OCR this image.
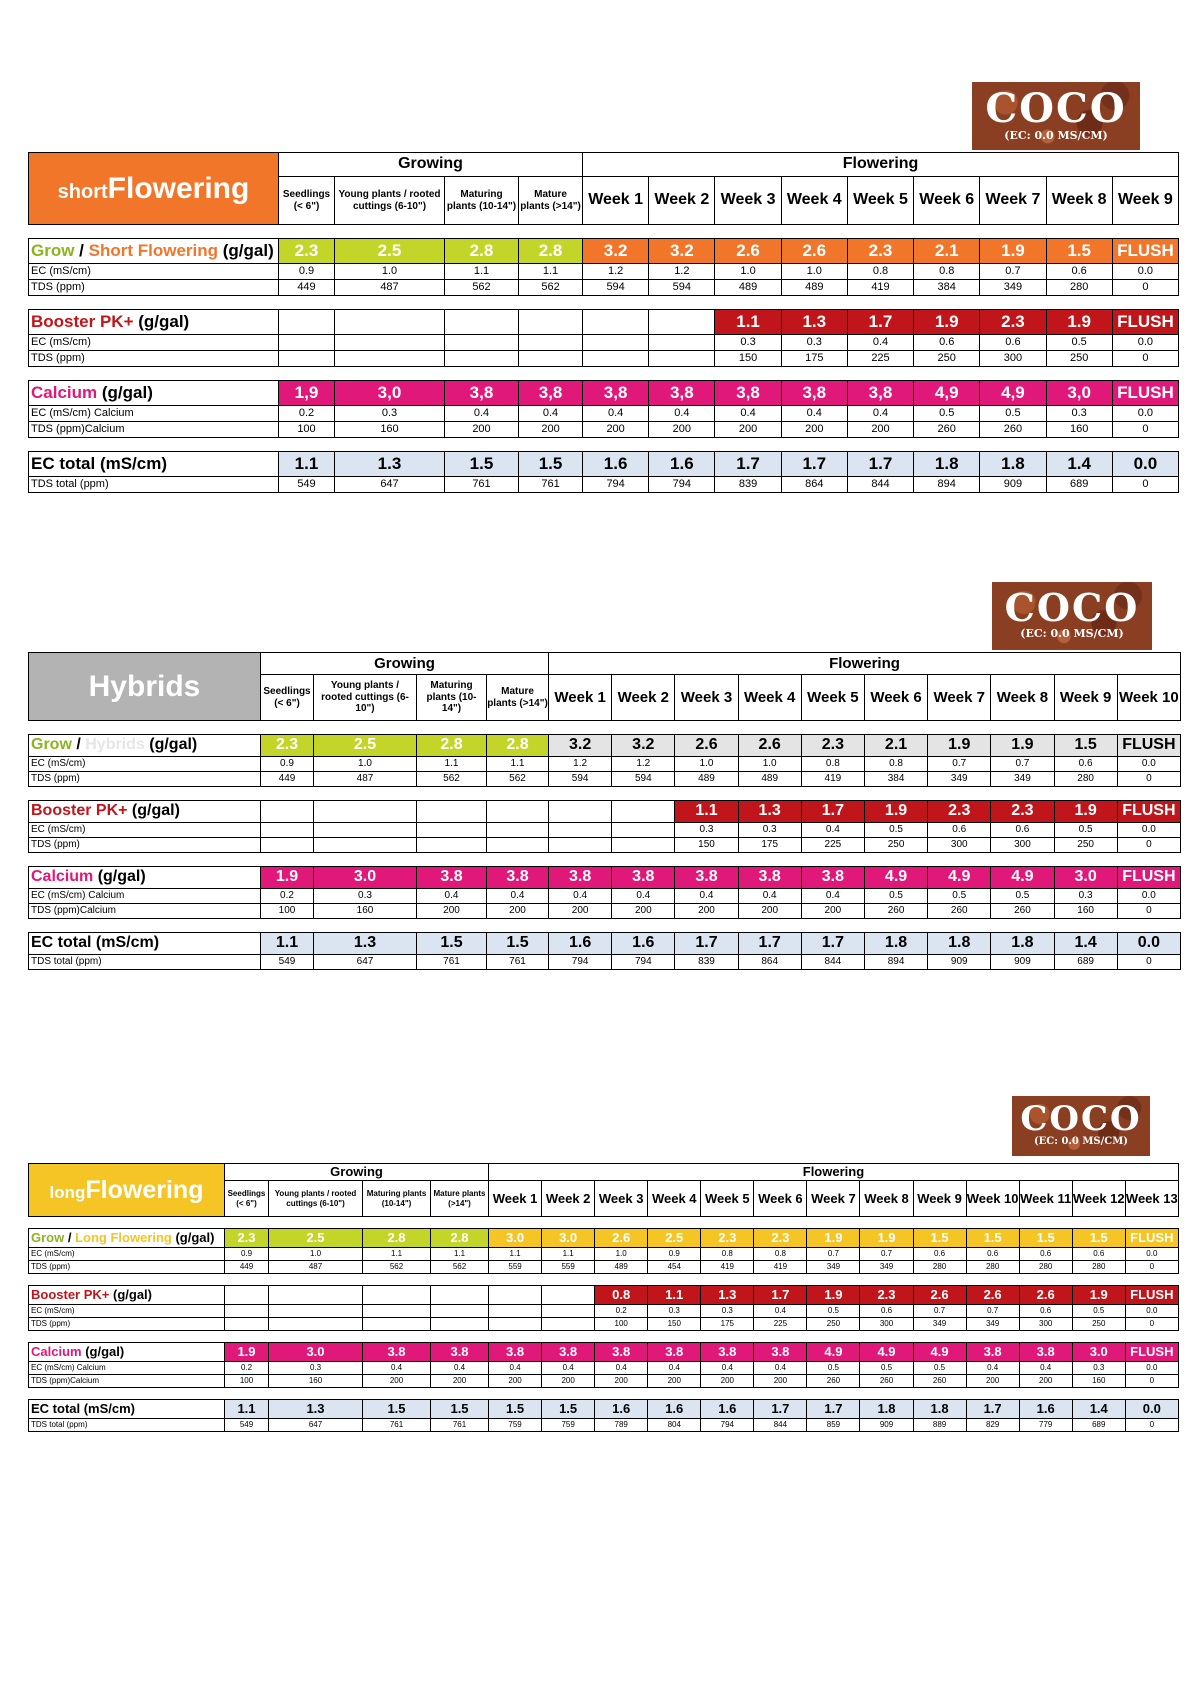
COCO
(EC: 0.0 MS/CM)
shortFlowering	Growing				Flowering								
	Seedlings (< 6")	Young plants / rooted cuttings (6-10")	Maturing plants (10-14")	Mature plants (>14")	Week 1	Week 2	Week 3	Week 4	Week 5	Week 6	Week 7	Week 8	Week 9

Grow / Short Flowering (g/gal)	2.3	2.5	2.8	2.8	3.2	3.2	2.6	2.6	2.3	2.1	1.9	1.5	FLUSH
EC (mS/cm)	0.9	1.0	1.1	1.1	1.2	1.2	1.0	1.0	0.8	0.8	0.7	0.6	0.0
TDS (ppm)	449	487	562	562	594	594	489	489	419	384	349	280	0

Booster PK+ (g/gal)							1.1	1.3	1.7	1.9	2.3	1.9	FLUSH
EC (mS/cm)							0.3	0.3	0.4	0.6	0.6	0.5	0.0
TDS (ppm)							150	175	225	250	300	250	0

Calcium (g/gal)	1,9	3,0	3,8	3,8	3,8	3,8	3,8	3,8	3,8	4,9	4,9	3,0	FLUSH
EC (mS/cm) Calcium	0.2	0.3	0.4	0.4	0.4	0.4	0.4	0.4	0.4	0.5	0.5	0.3	0.0
TDS (ppm)Calcium	100	160	200	200	200	200	200	200	200	260	260	160	0

EC total (mS/cm)	1.1	1.3	1.5	1.5	1.6	1.6	1.7	1.7	1.7	1.8	1.8	1.4	0.0
TDS total (ppm)	549	647	761	761	794	794	839	864	844	894	909	689	0
COCO
(EC: 0.0 MS/CM)
Hybrids	Growing				Flowering									
	Seedlings (< 6")	Young plants / rooted cuttings (6-10")	Maturing plants (10-14")	Mature plants (>14")	Week 1	Week 2	Week 3	Week 4	Week 5	Week 6	Week 7	Week 8	Week 9	Week 10

Grow / Hybrids (g/gal)	2.3	2.5	2.8	2.8	3.2	3.2	2.6	2.6	2.3	2.1	1.9	1.9	1.5	FLUSH
EC (mS/cm)	0.9	1.0	1.1	1.1	1.2	1.2	1.0	1.0	0.8	0.8	0.7	0.7	0.6	0.0
TDS (ppm)	449	487	562	562	594	594	489	489	419	384	349	349	280	0

Booster PK+ (g/gal)							1.1	1.3	1.7	1.9	2.3	2.3	1.9	FLUSH
EC (mS/cm)							0.3	0.3	0.4	0.5	0.6	0.6	0.5	0.0
TDS (ppm)							150	175	225	250	300	300	250	0

Calcium (g/gal)	1.9	3.0	3.8	3.8	3.8	3.8	3.8	3.8	3.8	4.9	4.9	4.9	3.0	FLUSH
EC (mS/cm) Calcium	0.2	0.3	0.4	0.4	0.4	0.4	0.4	0.4	0.4	0.5	0.5	0.5	0.3	0.0
TDS (ppm)Calcium	100	160	200	200	200	200	200	200	200	260	260	260	160	0

EC total (mS/cm)	1.1	1.3	1.5	1.5	1.6	1.6	1.7	1.7	1.7	1.8	1.8	1.8	1.4	0.0
TDS total (ppm)	549	647	761	761	794	794	839	864	844	894	909	909	689	0
COCO
(EC: 0.0 MS/CM)
longFlowering	Growing				Flowering												
	Seedlings (< 6")	Young plants / rooted cuttings (6-10")	Maturing plants (10-14")	Mature plants (>14")	Week 1	Week 2	Week 3	Week 4	Week 5	Week 6	Week 7	Week 8	Week 9	Week 10	Week 11	Week 12	Week 13

Grow / Long Flowering (g/gal)	2.3	2.5	2.8	2.8	3.0	3.0	2.6	2.5	2.3	2.3	1.9	1.9	1.5	1.5	1.5	1.5	FLUSH
EC (mS/cm)	0.9	1.0	1.1	1.1	1.1	1.1	1.0	0.9	0.8	0.8	0.7	0.7	0.6	0.6	0.6	0.6	0.0
TDS (ppm)	449	487	562	562	559	559	489	454	419	419	349	349	280	280	280	280	0

Booster PK+ (g/gal)							0.8	1.1	1.3	1.7	1.9	2.3	2.6	2.6	2.6	1.9	FLUSH
EC (mS/cm)							0.2	0.3	0.3	0.4	0.5	0.6	0.7	0.7	0.6	0.5	0.0
TDS (ppm)							100	150	175	225	250	300	349	349	300	250	0

Calcium (g/gal)	1.9	3.0	3.8	3.8	3.8	3.8	3.8	3.8	3.8	3.8	4.9	4.9	4.9	3.8	3.8	3.0	FLUSH
EC (mS/cm) Calcium	0.2	0.3	0.4	0.4	0.4	0.4	0.4	0.4	0.4	0.4	0.5	0.5	0.5	0.4	0.4	0.3	0.0
TDS (ppm)Calcium	100	160	200	200	200	200	200	200	200	200	260	260	260	200	200	160	0

EC total (mS/cm)	1.1	1.3	1.5	1.5	1.5	1.5	1.6	1.6	1.6	1.7	1.7	1.8	1.8	1.7	1.6	1.4	0.0
TDS total (ppm)	549	647	761	761	759	759	789	804	794	844	859	909	889	829	779	689	0
